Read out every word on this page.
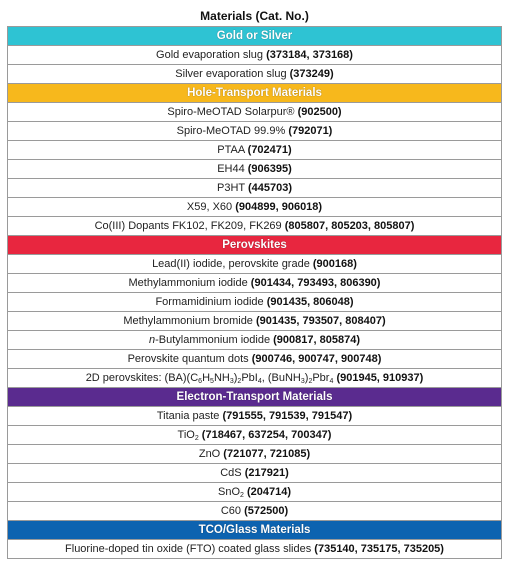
Materials (Cat. No.)
Gold or Silver
Gold evaporation slug (373184, 373168)
Silver evaporation slug (373249)
Hole-Transport Materials
Spiro-MeOTAD Solarpur® (902500)
Spiro-MeOTAD 99.9% (792071)
PTAA (702471)
EH44 (906395)
P3HT (445703)
X59, X60 (904899, 906018)
Co(III) Dopants FK102, FK209, FK269 (805807, 805203, 805807)
Perovskites
Lead(II) iodide, perovskite grade (900168)
Methylammonium iodide (901434, 793493, 806390)
Formamidinium iodide (901435, 806048)
Methylammonium bromide (901435, 793507, 808407)
n-Butylammonium iodide (900817, 805874)
Perovskite quantum dots (900746, 900747, 900748)
2D perovskites: $(BA)(C_6H_5NH_3)_2PbI_4$, $(BuNH_3)_2Pbr_4$ (901945, 910937)
Electron-Transport Materials
Titania paste (791555, 791539, 791547)
TiO$_2$ (718467, 637254, 700347)
ZnO (721077, 721085)
CdS (217921)
SnO$_2$ (204714)
C60 (572500)
TCO/Glass Materials
Fluorine-doped tin oxide (FTO) coated glass slides (735140, 735175, 735205)
